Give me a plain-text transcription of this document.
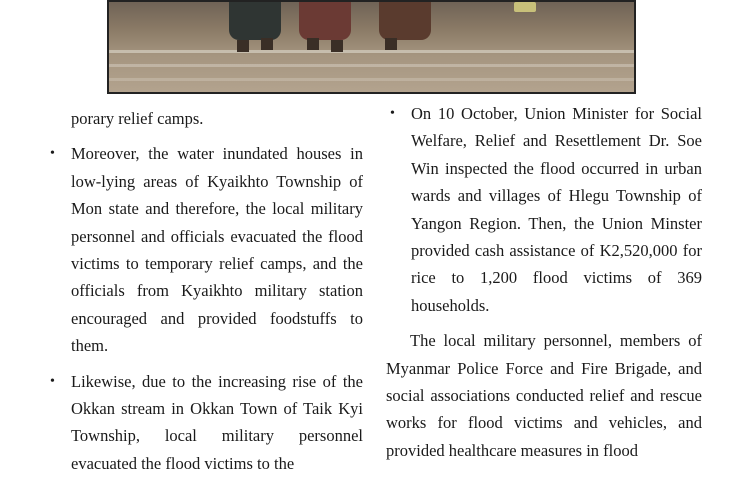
porary relief camps.

• Moreover, the water inundated houses in low-lying areas of Kyaikhto Township of Mon state and therefore, the local military personnel and officials evacuated the flood victims to temporary relief camps, and the officials from Kyaikhto military station encouraged and provided foodstuffs to them.
• Likewise, due to the increasing rise of the Okkan stream in Okkan Town of Taik Kyi Township, local military personnel evacuated the flood victims to the
• On 10 October, Union Minister for Social Welfare, Relief and Resettlement Dr. Soe Win inspected the flood occurred in urban wards and villages of Hlegu Township of Yangon Region. Then, the Union Minster provided cash assistance of K2,520,000 for rice to 1,200 flood victims of 369 households.

The local military personnel, members of Myanmar Police Force and Fire Brigade, and social associations conducted relief and rescue works for flood victims and vehicles, and provided healthcare measures in flood
